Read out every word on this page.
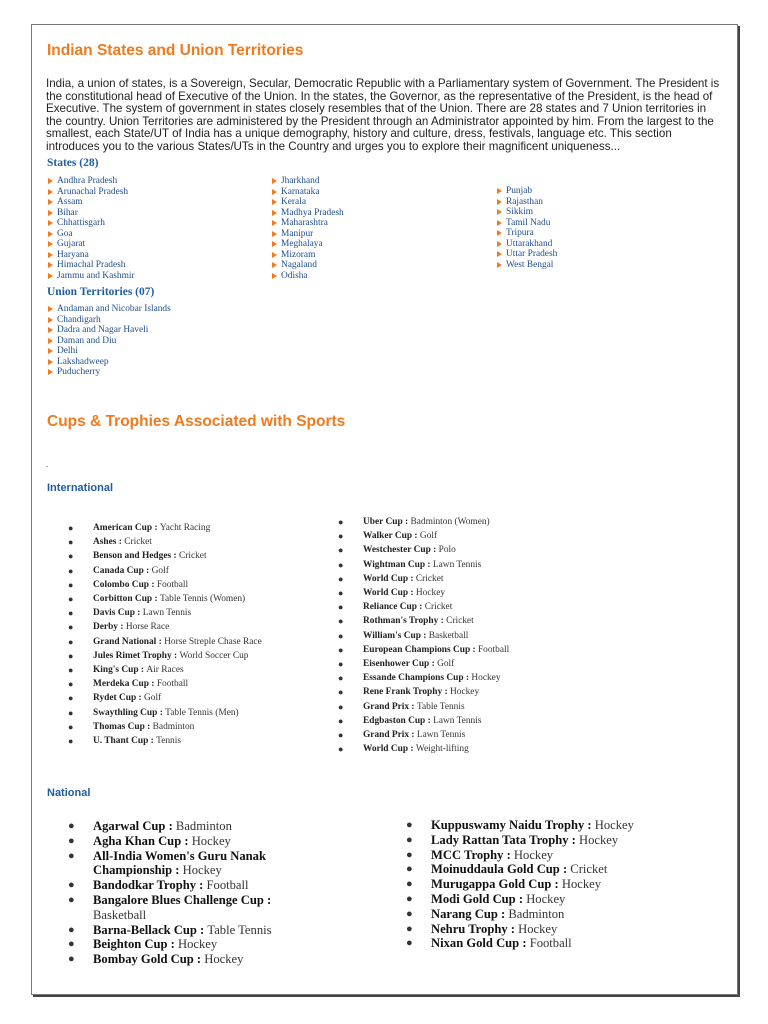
Indian States and Union Territories

India, a union of states, is a Sovereign, Secular, Democratic Republic with a Parliamentary system of Government. The President is the constitutional head of Executive of the Union. In the states, the Governor, as the representative of the President, is the head of Executive. The system of government in states closely resembles that of the Union. There are 28 states and 7 Union territories in the country. Union Territories are administered by the President through an Administrator appointed by him. From the largest to the smallest, each State/UT of India has a unique demography, history and culture, dress, festivals, language etc. This section introduces you to the various States/UTs in the Country and urges you to explore their magnificent uniqueness...

States (28)
Andhra Pradesh
Arunachal Pradesh
Assam
Bihar
Chhattisgarh
Goa
Gujarat
Haryana
Himachal Pradesh
Jammu and Kashmir
Jharkhand
Karnataka
Kerala
Madhya Pradesh
Maharashtra
Manipur
Meghalaya
Mizoram
Nagaland
Odisha
Punjab
Rajasthan
Sikkim
Tamil Nadu
Tripura
Uttarakhand
Uttar Pradesh
West Bengal
Union Territories (07)
Andaman and Nicobar Islands
Chandigarh
Dadra and Nagar Haveli
Daman and Diu
Delhi
Lakshadweep
Puducherry
Cups & Trophies Associated with Sports
.
International
● American Cup : Yacht Racing
● Ashes : Cricket
● Benson and Hedges : Cricket
● Canada Cup : Golf
● Colombo Cup : Football
● Corbitton Cup : Table Tennis (Women)
● Davis Cup : Lawn Tennis
● Derby : Horse Race
● Grand National : Horse Streple Chase Race
● Jules Rimet Trophy : World Soccer Cup
● King's Cup : Air Races
● Merdeka Cup : Football
● Rydet Cup : Golf
● Swaythling Cup : Table Tennis (Men)
● Thomas Cup : Badminton
● U. Thant Cup : Tennis
● Uber Cup : Badminton (Women)
● Walker Cup : Golf
● Westchester Cup : Polo
● Wightman Cup : Lawn Tennis
● World Cup : Cricket
● World Cup : Hockey
● Reliance Cup : Cricket
● Rothman's Trophy : Cricket
● William's Cup : Basketball
● European Champions Cup : Football
● Eisenhower Cup : Golf
● Essande Champions Cup : Hockey
● Rene Frank Trophy : Hockey
● Grand Prix : Table Tennis
● Edgbaston Cup : Lawn Tennis
● Grand Prix : Lawn Tennis
● World Cup : Weight-lifting
National
● Agarwal Cup : Badminton
● Agha Khan Cup : Hockey
● All-India Women's Guru Nanak Championship : Hockey
● Bandodkar Trophy : Football
● Bangalore Blues Challenge Cup : Basketball
● Barna-Bellack Cup : Table Tennis
● Beighton Cup : Hockey
● Bombay Gold Cup : Hockey
● Kuppuswamy Naidu Trophy : Hockey
● Lady Rattan Tata Trophy : Hockey
● MCC Trophy : Hockey
● Moinuddaula Gold Cup : Cricket
● Murugappa Gold Cup : Hockey
● Modi Gold Cup : Hockey
● Narang Cup : Badminton
● Nehru Trophy : Hockey
● Nixan Gold Cup : Football
